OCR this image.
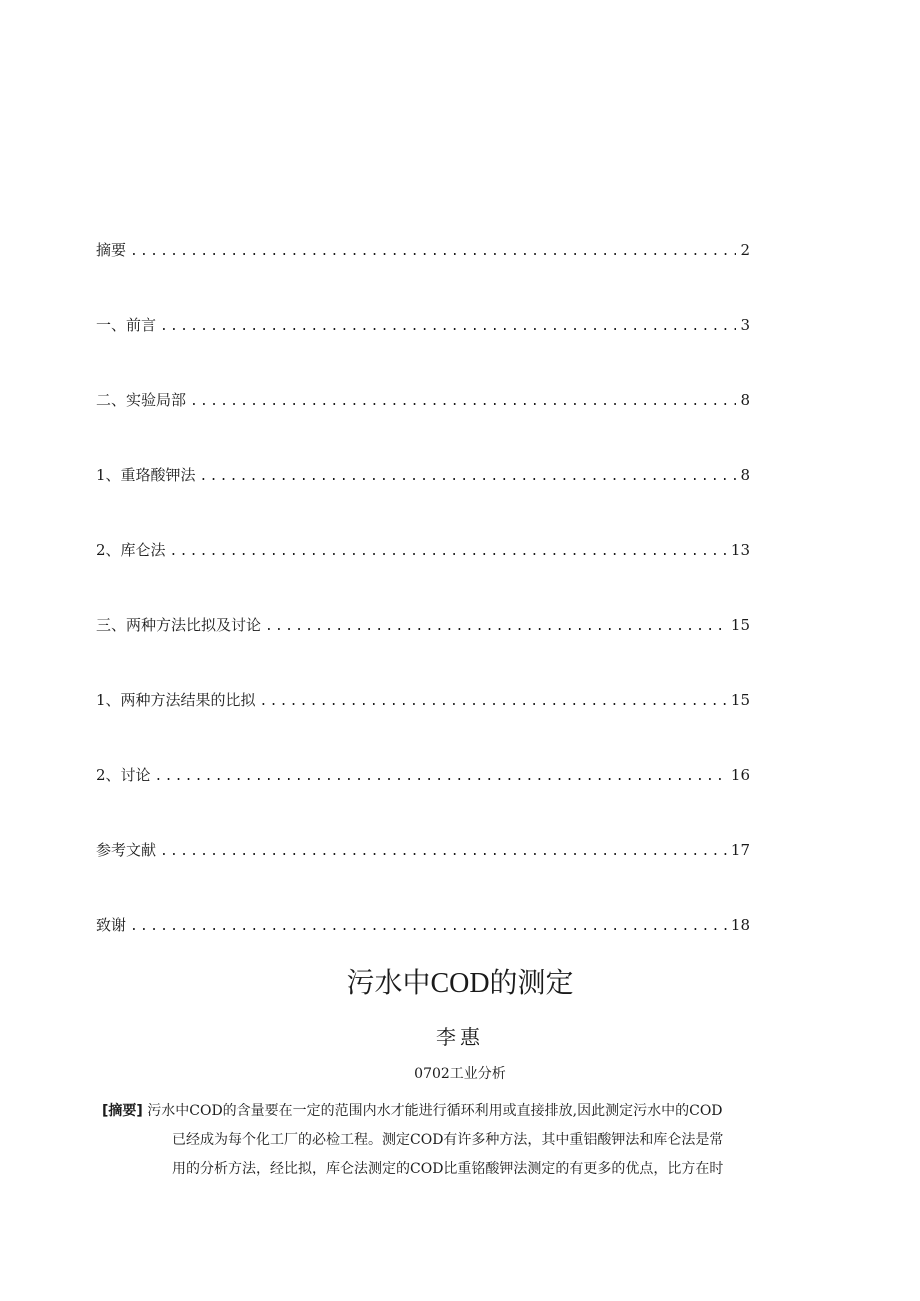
摘要 .....	2
一、前言 .....	3
二、实验局部 .....	8
1、重珞酸钾法 .....	8
2、库仑法 .....	13
三、两种方法比拟及讨论 .....	15
1、两种方法结果的比拟 .....	15
2、讨论 .....	16
参考文献 .....	17
致谢 .....	18
污水中COD的测定
李惠
0702工业分析
[摘要] 污水中COD的含量要在一定的范围内水才能进行循环利用或直接排放,因此测定污水中的COD
已经成为每个化工厂的必检工程。测定COD有许多种方法，其中重铝酸钾法和库仑法是常
用的分析方法，经比拟，库仑法测定的COD比重铭酸钾法测定的有更多的优点，比方在时
